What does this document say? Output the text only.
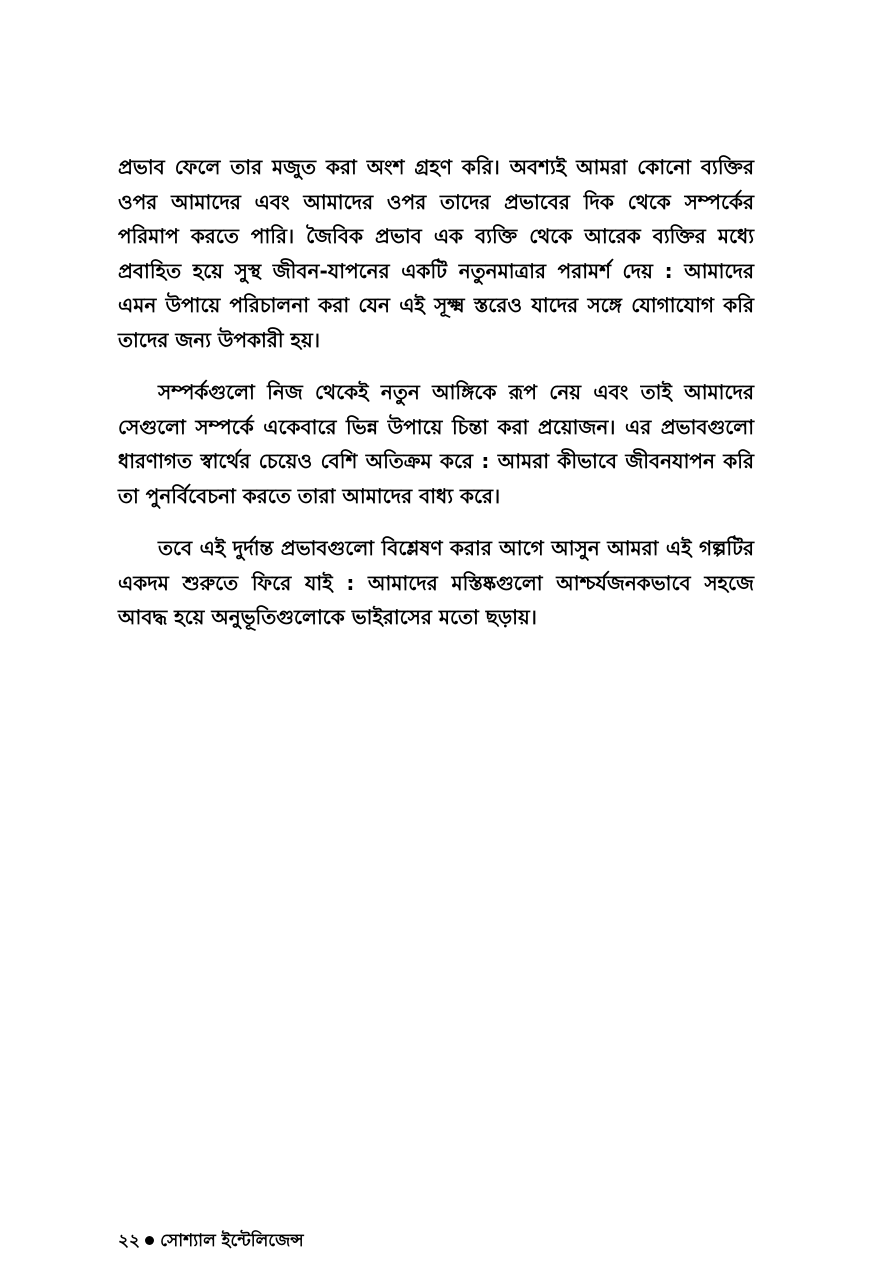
প্রভাব ফেলে তার মজুত করা অংশ গ্রহণ করি। অবশ্যই আমরা কোনো ব্যক্তির ওপর আমাদের এবং আমাদের ওপর তাদের প্রভাবের দিক থেকে সম্পর্কের পরিমাপ করতে পারি। জৈবিক প্রভাব এক ব্যক্তি থেকে আরেক ব্যক্তির মধ্যে প্রবাহিত হয়ে সুস্থ জীবন-যাপনের একটি নতুনমাত্রার পরামর্শ দেয় : আমাদের এমন উপায়ে পরিচালনা করা যেন এই সূক্ষ্ম স্তরেও যাদের সঙ্গে যোগাযোগ করি তাদের জন্য উপকারী হয়।

সম্পর্কগুলো নিজ থেকেই নতুন আঙ্গিকে রূপ নেয় এবং তাই আমাদের সেগুলো সম্পর্কে একেবারে ভিন্ন উপায়ে চিন্তা করা প্রয়োজন। এর প্রভাবগুলো ধারণাগত স্বার্থের চেয়েও বেশি অতিক্রম করে : আমরা কীভাবে জীবনযাপন করি তা পুনর্বিবেচনা করতে তারা আমাদের বাধ্য করে।

তবে এই দুর্দান্ত প্রভাবগুলো বিশ্লেষণ করার আগে আসুন আমরা এই গল্পটির একদম শুরুতে ফিরে যাই : আমাদের মস্তিষ্কগুলো আশ্চর্যজনকভাবে সহজে আবদ্ধ হয়ে অনুভূতিগুলোকে ভাইরাসের মতো ছড়ায়।

২২ সোশ্যাল ইন্টেলিজেন্স
